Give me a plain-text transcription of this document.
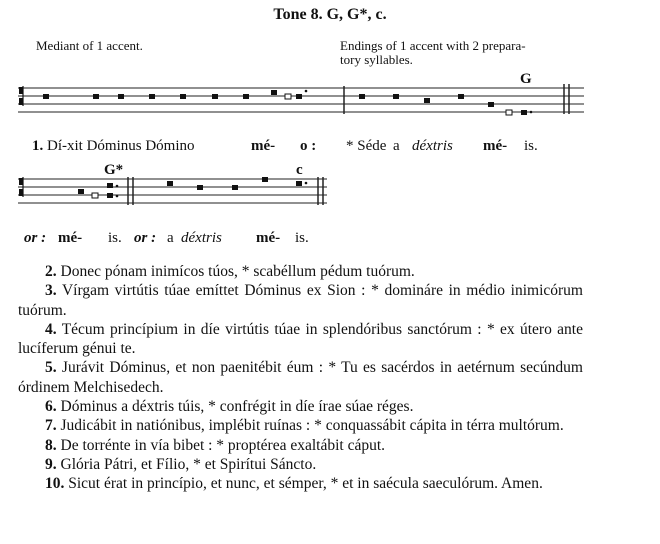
Tone 8. G, G*, c.
Mediant of 1 accent.	Endings of 1 accent with 2 prepara-
tory syllables.
G
G*	c
1. Dí-xit Dóminus Dómino	mé- o : * Séde a déxtris mé- is.
or : mé- is. or : a déxtris mé- is.
2. Donec pónam inimícos túos, * scabéllum pédum tuórum.
3. Vírgam virtútis túae emíttet Dóminus ex Sion : * domináre in médio inimicórum tuórum.
4. Técum princípium in díe virtútis túae in splendóribus sanctórum : * ex útero ante lucíferum génui te.
5. Jurávit Dóminus, et non paenitébit éum : * Tu es sacérdos in aetérnum secúndum órdinem Melchisedech.
6. Dóminus a déxtris túis, * confrégit in díe írae súae réges.
7. Judicábit in natiónibus, implébit ruínas : * conquassábit cápita in térra multórum.
8. De torrénte in vía bibet : * proptérea exaltábit cáput.
9. Glória Pátri, et Fílio, * et Spirítui Sáncto.
10. Sicut érat in princípio, et nunc, et sémper, * et in saécula saeculórum. Amen.
